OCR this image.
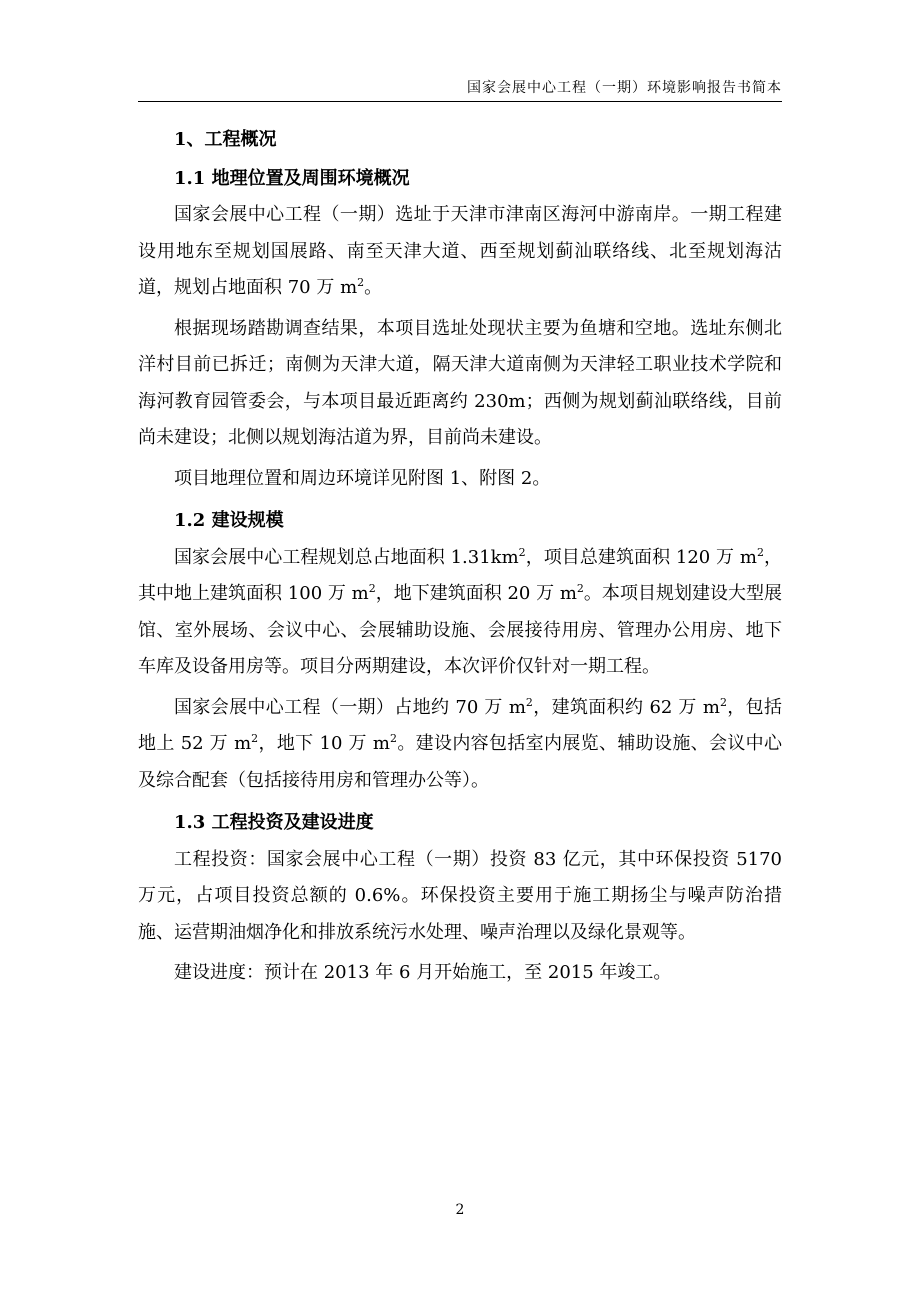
国家会展中心工程（一期）环境影响报告书简本
1、工程概况
1.1 地理位置及周围环境概况

国家会展中心工程（一期）选址于天津市津南区海河中游南岸。一期工程建设用地东至规划国展路、南至天津大道、西至规划蓟汕联络线、北至规划海沽道，规划占地面积 70 万 $m^2$。

根据现场踏勘调查结果，本项目选址处现状主要为鱼塘和空地。选址东侧北洋村目前已拆迁；南侧为天津大道，隔天津大道南侧为天津轻工职业技术学院和海河教育园管委会，与本项目最近距离约 230m；西侧为规划蓟汕联络线，目前尚未建设；北侧以规划海沽道为界，目前尚未建设。

项目地理位置和周边环境详见附图 1、附图 2。

1.2 建设规模

国家会展中心工程规划总占地面积 $1.31km^2$，项目总建筑面积 120 万 $m^2$，其中地上建筑面积 100 万 $m^2$，地下建筑面积 20 万 $m^2$。本项目规划建设大型展馆、室外展场、会议中心、会展辅助设施、会展接待用房、管理办公用房、地下车库及设备用房等。项目分两期建设，本次评价仅针对一期工程。

国家会展中心工程（一期）占地约 70 万 $m^2$，建筑面积约 62 万 $m^2$，包括地上 52 万 $m^2$，地下 10 万 $m^2$。建设内容包括室内展览、辅助设施、会议中心及综合配套（包括接待用房和管理办公等）。

1.3 工程投资及建设进度

工程投资：国家会展中心工程（一期）投资 83 亿元，其中环保投资 5170 万元，占项目投资总额的 0.6%。环保投资主要用于施工期扬尘与噪声防治措施、运营期油烟净化和排放系统污水处理、噪声治理以及绿化景观等。

建设进度：预计在 2013 年 6 月开始施工，至 2015 年竣工。

2
